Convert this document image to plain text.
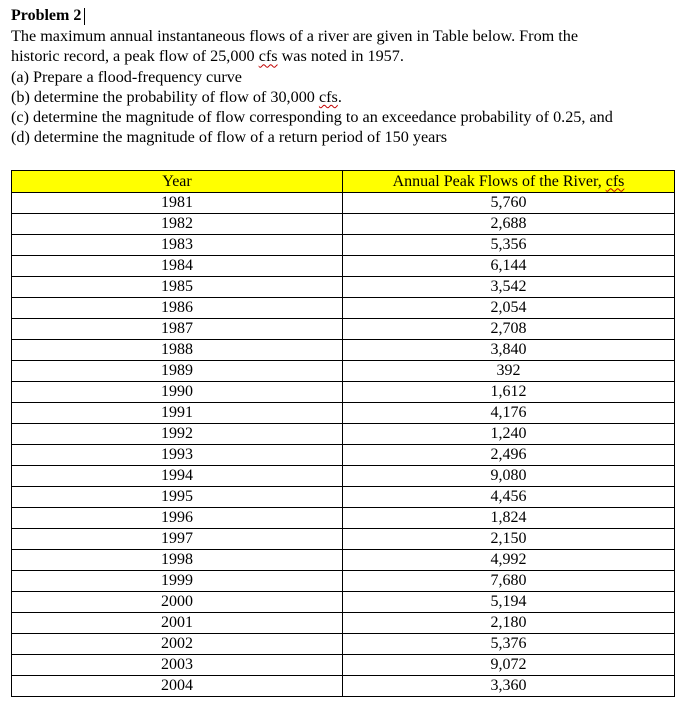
Problem 2

The maximum annual instantaneous flows of a river are given in Table below. From the
historic record, a peak flow of 25,000 cfs was noted in 1957.
(a) Prepare a flood-frequency curve
(b) determine the probability of flow of 30,000 cfs.
(c) determine the magnitude of flow corresponding to an exceedance probability of 0.25, and
(d) determine the magnitude of flow of a return period of 150 years

Year	Annual Peak Flows of the River, cfs
1981	5,760
1982	2,688
1983	5,356
1984	6,144
1985	3,542
1986	2,054
1987	2,708
1988	3,840
1989	392
1990	1,612
1991	4,176
1992	1,240
1993	2,496
1994	9,080
1995	4,456
1996	1,824
1997	2,150
1998	4,992
1999	7,680
2000	5,194
2001	2,180
2002	5,376
2003	9,072
2004	3,360
